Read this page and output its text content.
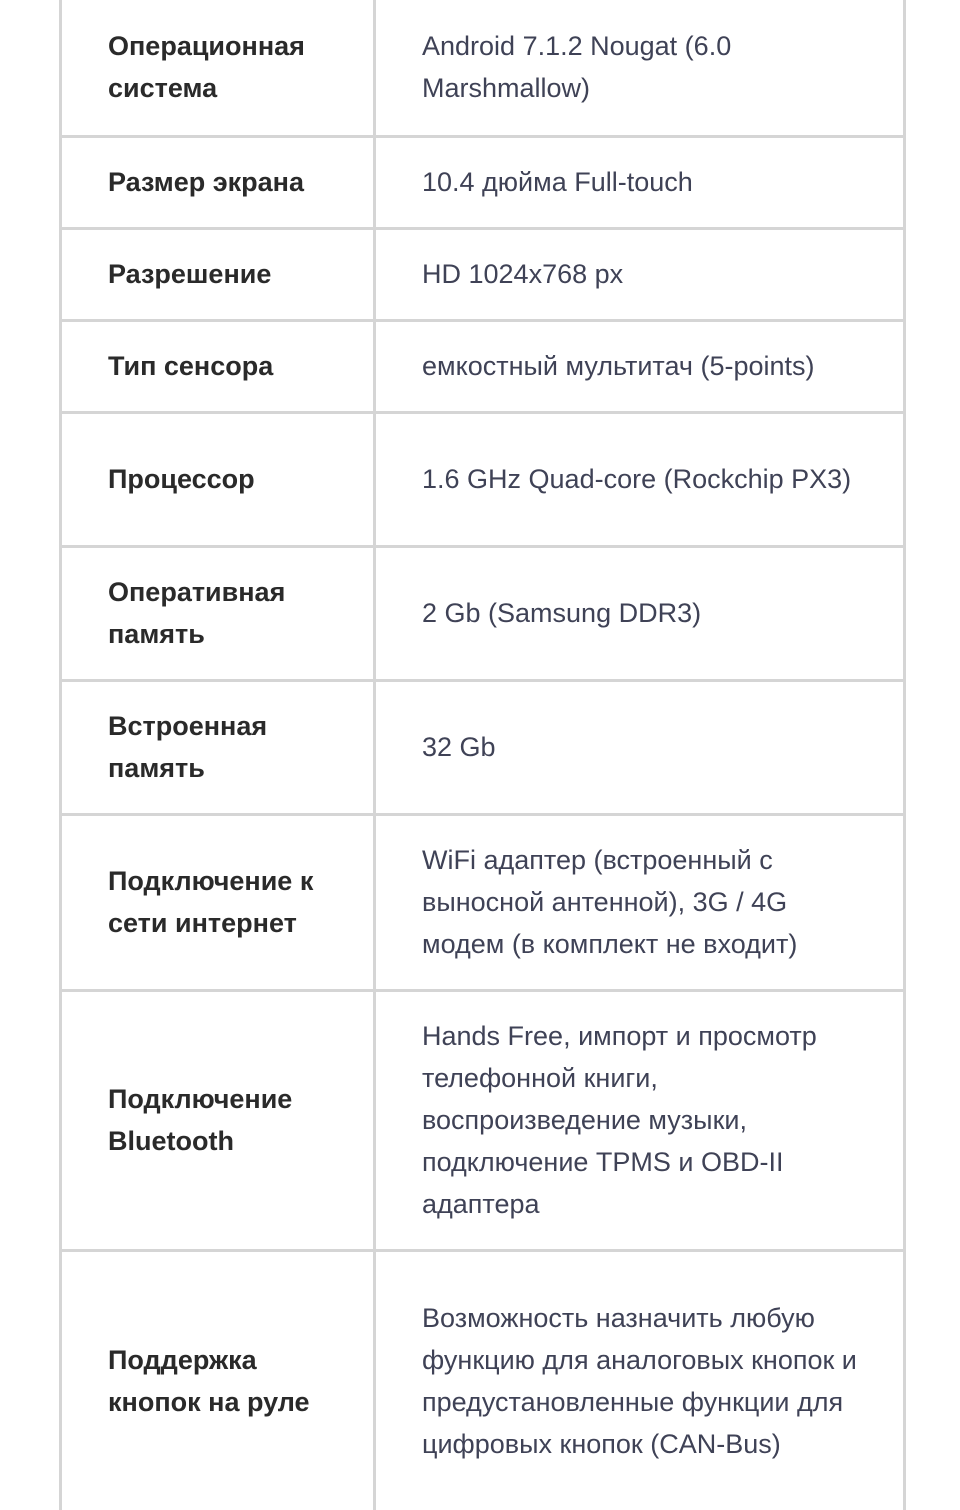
Операционная система	Android 7.1.2 Nougat (6.0 Marshmallow)
Размер экрана	10.4 дюйма Full-touch
Разрешение	HD 1024x768 px
Тип сенсора	емкостный мультитач (5-points)
Процессор	1.6 GHz Quad-core (Rockchip PX3)
Оперативная память	2 Gb (Samsung DDR3)
Встроенная память	32 Gb
Подключение к сети интернет	WiFi адаптер (встроенный с выносной антенной), 3G / 4G модем (в комплект не входит)
Подключение Bluetooth	Hands Free, импорт и просмотр телефонной книги, воспроизведение музыки, подключение TPMS и OBD-II адаптера
Поддержка кнопок на руле	Возможность назначить любую функцию для аналоговых кнопок и предустановленные функции для цифровых кнопок (CAN-Bus)
